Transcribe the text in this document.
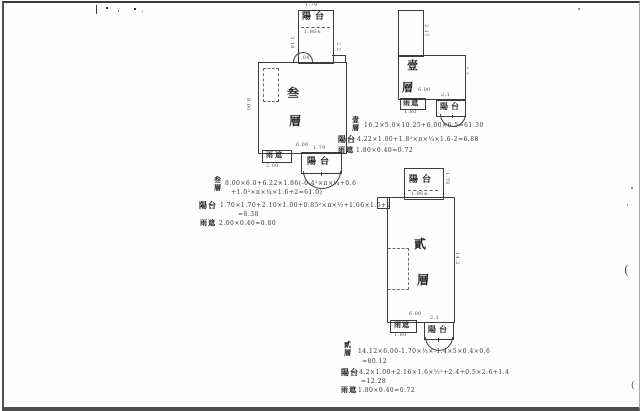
陽台
1.86±
1.70
3.14	2.2
1.04
叁
層
8.00
6.00
雨遮
2.00
1.70
陽台
叁
層
8.00×6.0+6.22×1.86(-0.4²×π×¼+0.6
+1.0²×π×¼×1.6+2=61.0)
陽台 1.70×1.70+2.10×1.00+0.85²×π×½+1.66×1.6+2
=8.38
雨遮 2.00×0.40=0.80
2.17
2.2
壹
層 6.00
雨遮
1.80
2.1
陽台
壹
層 16.2×5.0×10.25+6.00×6.5=61.30
陽台 4.22×1.00+1.8²×π×¼×1.6-2=6.88
雨遮 1.80×0.40=0.72
陽台
1.86±
1.70
貳
層
14.2
6.00
雨遮
1.80
2.1
陽台
貳
層 14.12×6.00-1.70×½×-1.4×5×0.4×0.6
=80.12
陽台 4.2×1.00+2.16×1.6×½²+2.4+0.5×2.6+1.4
=12.28
雨遮 1.80×0.40=0.72
(
(
